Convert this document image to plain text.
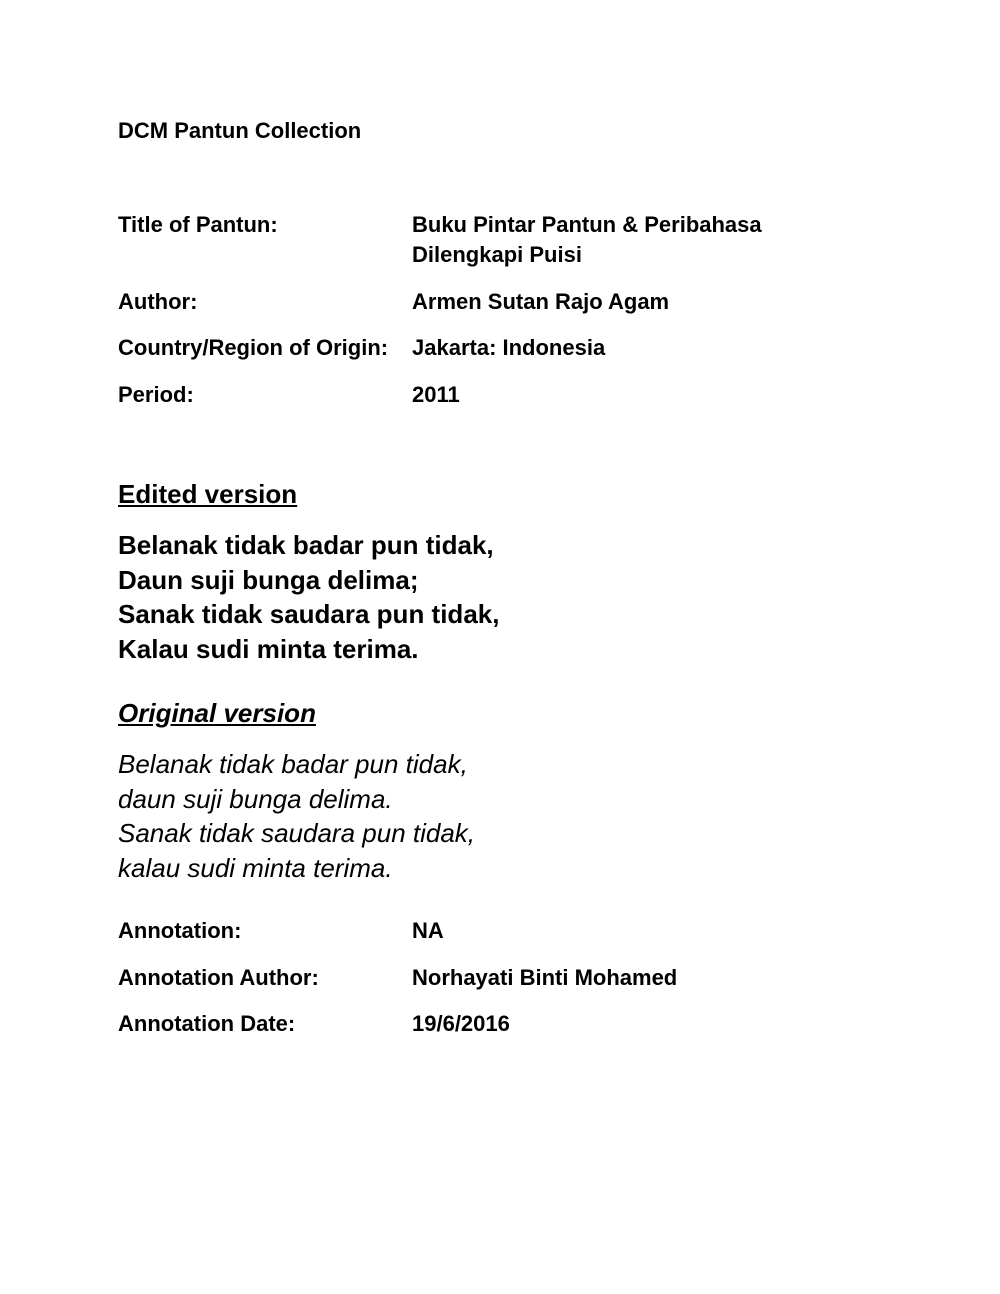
DCM Pantun Collection
Title of Pantun:	Buku Pintar Pantun & Peribahasa
Dilengkapi Puisi
Author:	Armen Sutan Rajo Agam
Country/Region of Origin: Jakarta: Indonesia
Period:	2011
Edited version
Belanak tidak badar pun tidak,
Daun suji bunga delima;
Sanak tidak saudara pun tidak,
Kalau sudi minta terima.
Original version
Belanak tidak badar pun tidak,
daun suji bunga delima.
Sanak tidak saudara pun tidak,
kalau sudi minta terima.
Annotation:	NA
Annotation Author:	Norhayati Binti Mohamed
Annotation Date:	19/6/2016
